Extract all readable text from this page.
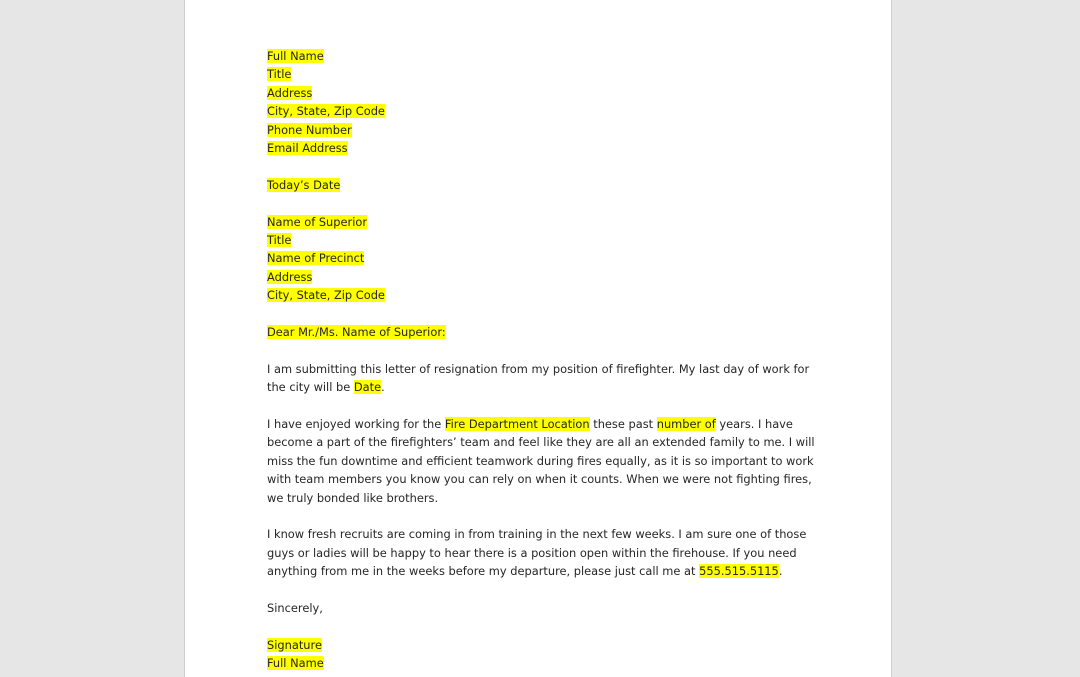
Full Name
Title
Address
City, State, Zip Code
Phone Number
Email Address
Today’s Date
Name of Superior
Title
Name of Precinct
Address
City, State, Zip Code
Dear Mr./Ms. Name of Superior:
I am submitting this letter of resignation from my position of firefighter. My last day of work for
the city will be Date.
I have enjoyed working for the Fire Department Location these past number of years. I have
become a part of the firefighters’ team and feel like they are all an extended family to me. I will
miss the fun downtime and efficient teamwork during fires equally, as it is so important to work
with team members you know you can rely on when it counts. When we were not fighting fires,
we truly bonded like brothers.
I know fresh recruits are coming in from training in the next few weeks. I am sure one of those
guys or ladies will be happy to hear there is a position open within the firehouse. If you need
anything from me in the weeks before my departure, please just call me at 555.515.5115.
Sincerely,
Signature
Full Name
